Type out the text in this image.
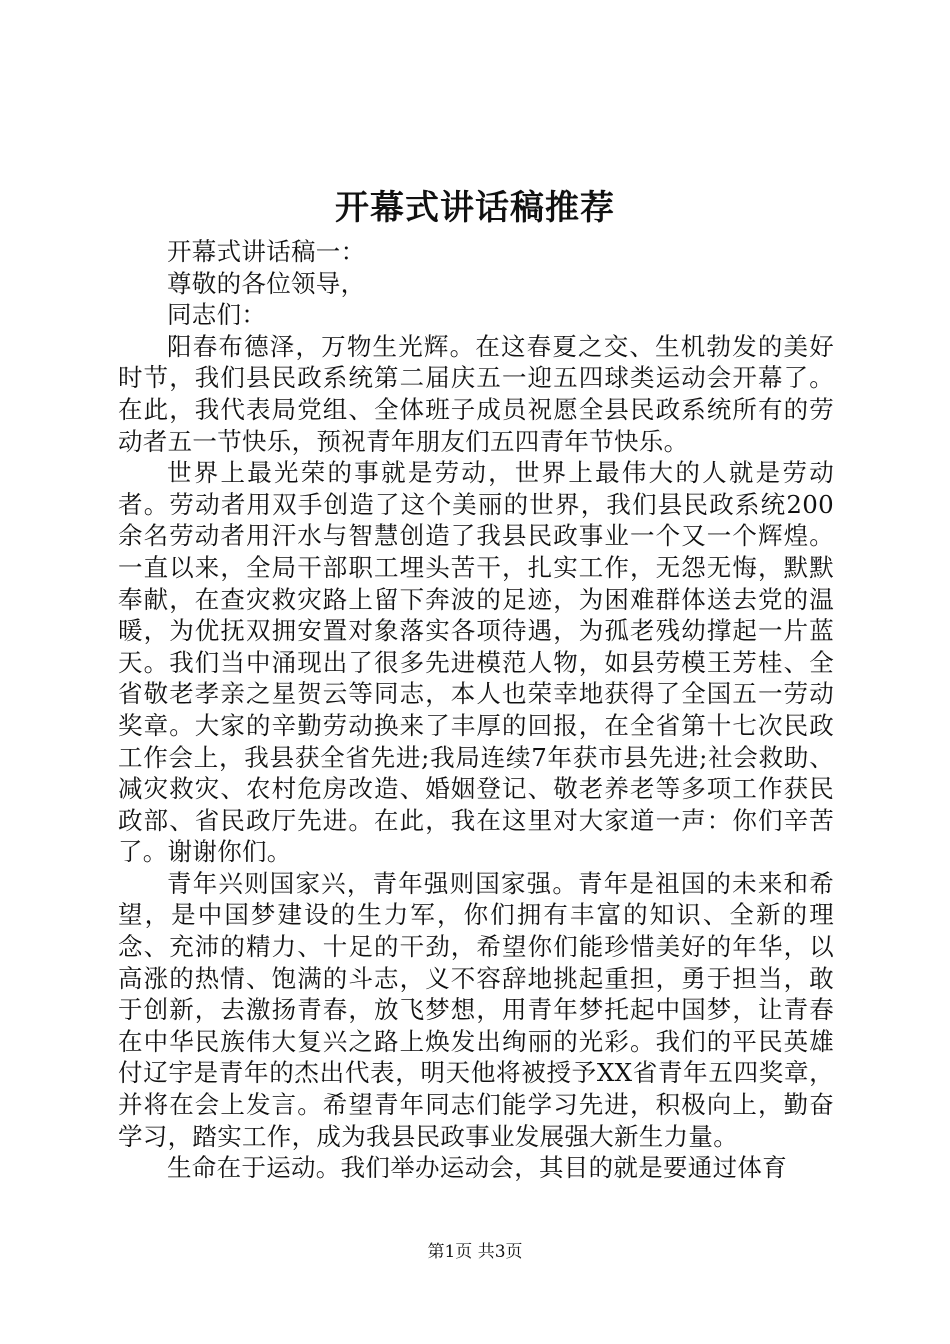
开幕式讲话稿推荐

开幕式讲话稿一：

尊敬的各位领导，

同志们：

阳春布德泽，万物生光辉。在这春夏之交、生机勃发的美好时节，我们县民政系统第二届庆五一迎五四球类运动会开幕了。在此，我代表局党组、全体班子成员祝愿全县民政系统所有的劳动者五一节快乐，预祝青年朋友们五四青年节快乐。

世界上最光荣的事就是劳动，世界上最伟大的人就是劳动者。劳动者用双手创造了这个美丽的世界，我们县民政系统200余名劳动者用汗水与智慧创造了我县民政事业一个又一个辉煌。一直以来，全局干部职工埋头苦干，扎实工作，无怨无悔，默默奉献，在查灾救灾路上留下奔波的足迹，为困难群体送去党的温暖，为优抚双拥安置对象落实各项待遇，为孤老残幼撑起一片蓝天。我们当中涌现出了很多先进模范人物，如县劳模王芳桂、全省敬老孝亲之星贺云等同志，本人也荣幸地获得了全国五一劳动奖章。大家的辛勤劳动换来了丰厚的回报，在全省第十七次民政工作会上，我县获全省先进;我局连续7年获市县先进;社会救助、减灾救灾、农村危房改造、婚姻登记、敬老养老等多项工作获民政部、省民政厅先进。在此，我在这里对大家道一声：你们辛苦了。谢谢你们。

青年兴则国家兴，青年强则国家强。青年是祖国的未来和希望，是中国梦建设的生力军，你们拥有丰富的知识、全新的理念、充沛的精力、十足的干劲，希望你们能珍惜美好的年华，以高涨的热情、饱满的斗志，义不容辞地挑起重担，勇于担当，敢于创新，去激扬青春，放飞梦想，用青年梦托起中国梦，让青春在中华民族伟大复兴之路上焕发出绚丽的光彩。我们的平民英雄付辽宇是青年的杰出代表，明天他将被授予XX省青年五四奖章，并将在会上发言。希望青年同志们能学习先进，积极向上，勤奋学习，踏实工作，成为我县民政事业发展强大新生力量。

生命在于运动。我们举办运动会，其目的就是要通过体育

第1页 共3页
